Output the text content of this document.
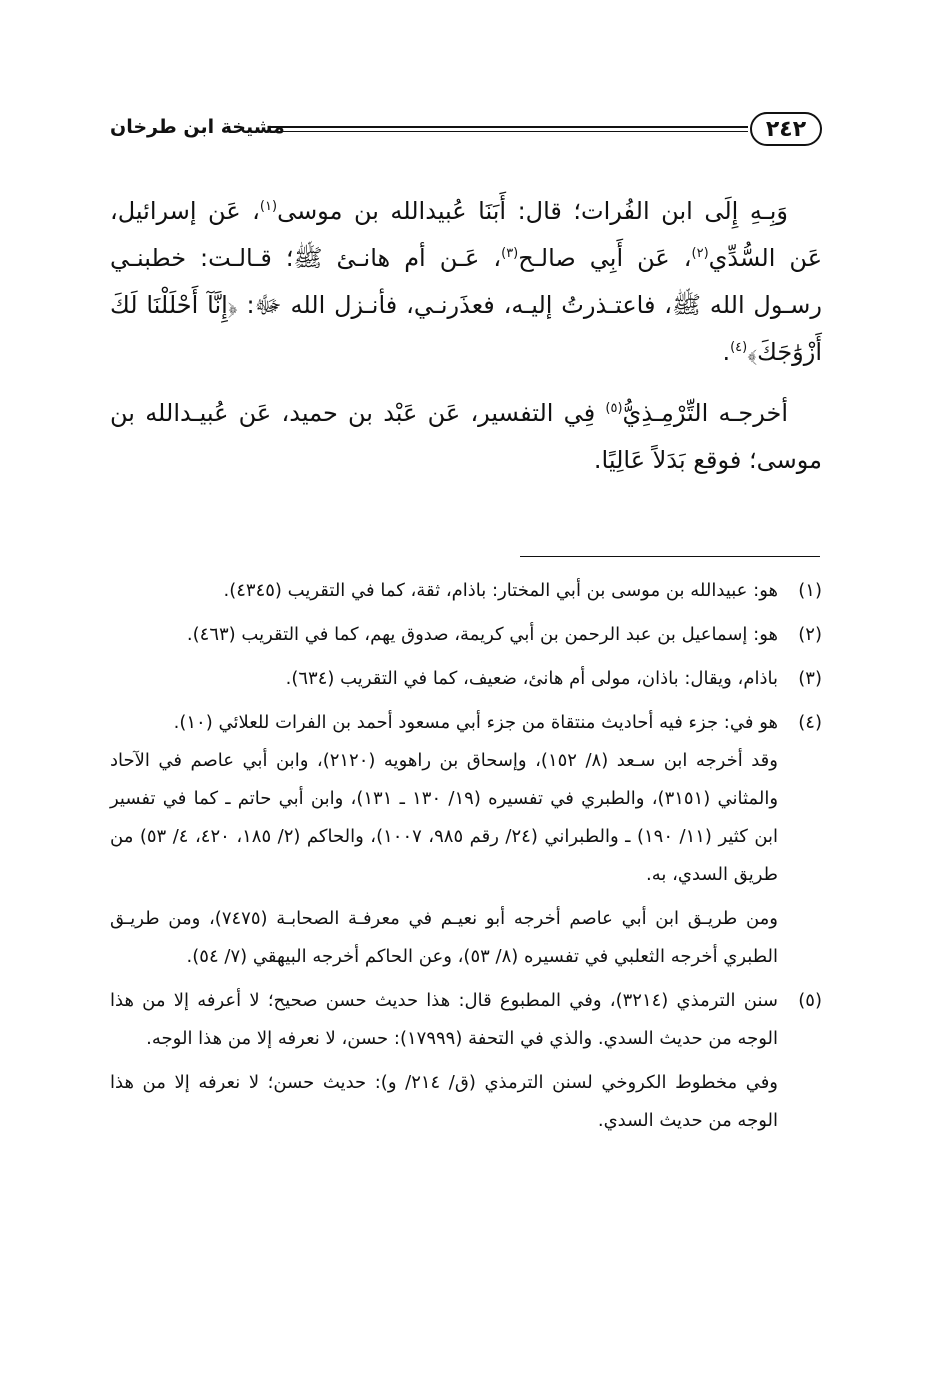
٢٤٢
مشيخة ابن طرخان

وَبِـهِ إِلَى ابن الفُرات؛ قال: أَبَنَا عُبيدالله بن موسى$^{(١)}$، عَن إسرائيل، عَن السُّدِّي$^{(٢)}$، عَن أَبِي صالـح$^{(٣)}$، عَـن أم هانـئ ﷺ؛ قـالـت: خطبنـي رسـول الله ﷺ، فاعتـذرتُ إليـه، فعذَرنـي، فأنـزل الله ﷻ: ﴿إِنَّآ أَحْلَلْنَا لَكَ أَزْوَٰجَكَ﴾$^{(٤)}$.

أخرجـه التِّرْمِـذِيُّ$^{(٥)}$ فِي التفسير، عَن عَبْد بن حميد، عَن عُبيـدالله بن موسى؛ فوقع بَدَلاً عَالِيًا.

(١)
هو: عبيدالله بن موسى بن أبي المختار: باذام، ثقة، كما في التقريب (٤٣٤٥).
(٢)
هو: إسماعيل بن عبد الرحمن بن أبي كريمة، صدوق يهم، كما في التقريب (٤٦٣).
(٣)
باذام، ويقال: باذان، مولى أم هانئ، ضعيف، كما في التقريب (٦٣٤).
(٤)
هو في: جزء فيه أحاديث منتقاة من جزء أبي مسعود أحمد بن الفرات للعلائي (١٠).
وقد أخرجه ابن سـعد (٨/ ١٥٢)، وإسحاق بن راهويه (٢١٢٠)، وابن أبي عاصم في الآحاد والمثاني (٣١٥١)، والطبري في تفسيره (١٩/ ١٣٠ ـ ١٣١)، وابن أبي حاتم ـ كما في تفسير ابن كثير (١١/ ١٩٠) ـ والطبراني (٢٤/ رقم ٩٨٥، ١٠٠٧)، والحاكم (٢/ ١٨٥، ٤٢٠، ٤/ ٥٣) من طريق السدي، به.
ومن طريـق ابن أبي عاصم أخرجه أبو نعيـم في معرفـة الصحابـة (٧٤٧٥)، ومن طريـق الطبري أخرجه الثعلبي في تفسيره (٨/ ٥٣)، وعن الحاكم أخرجه البيهقي (٧/ ٥٤).
(٥)
سنن الترمذي (٣٢١٤)، وفي المطبوع قال: هذا حديث حسن صحيح؛ لا أعرفه إلا من هذا الوجه من حديث السدي. والذي في التحفة (١٧٩٩٩): حسن، لا نعرفه إلا من هذا الوجه.
وفي مخطوط الكروخي لسنن الترمذي (ق/ ٢١٤/ و): حديث حسن؛ لا نعرفه إلا من هذا الوجه من حديث السدي.
